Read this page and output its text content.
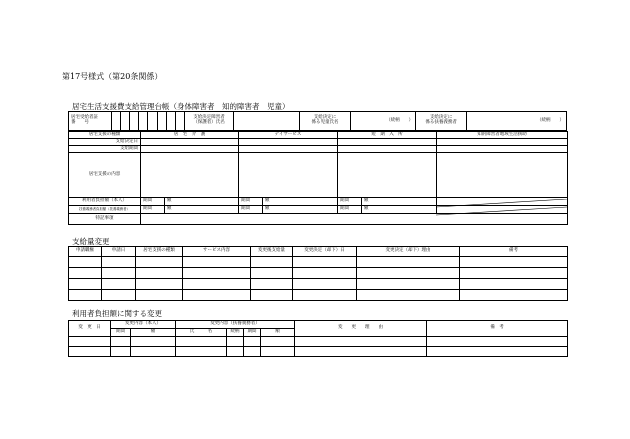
第17号様式（第20条関係）
居宅生活支援費支給管理台帳（身体障害者　知的障害者　児童）
居宅受給者証
番　　号									支給決定障害者
（保護者）氏名		支給決定に
係る児童氏名	（続柄　　）	支給決定に
係る扶養義務者	（続柄　　）
居宅支援の種類	居　宅　介　護		デイサービス		短　期　入　所		知的障害者地域生活援助
支給決定日							
支給期間							
居宅支援の内容							
利用者負担額（本人）	期間	額	期間	額	期間	額	
扶養義務者負担額（扶養義務者）	期間	額	期間	額	期間	額	
特記事項							
支給量変更
申請職権	申請日	居宅支援の種類	サービス内容	変更後支給量	変更決定（却下）日	変更決定（却下）理由	備考

利用者負担額に関する変更
変　更　日	変更内容（本人）		変更内容（扶養義務者）				変　　更　　理　　由	備　考
	期間	額	氏　　　名	続柄	期間	額		
